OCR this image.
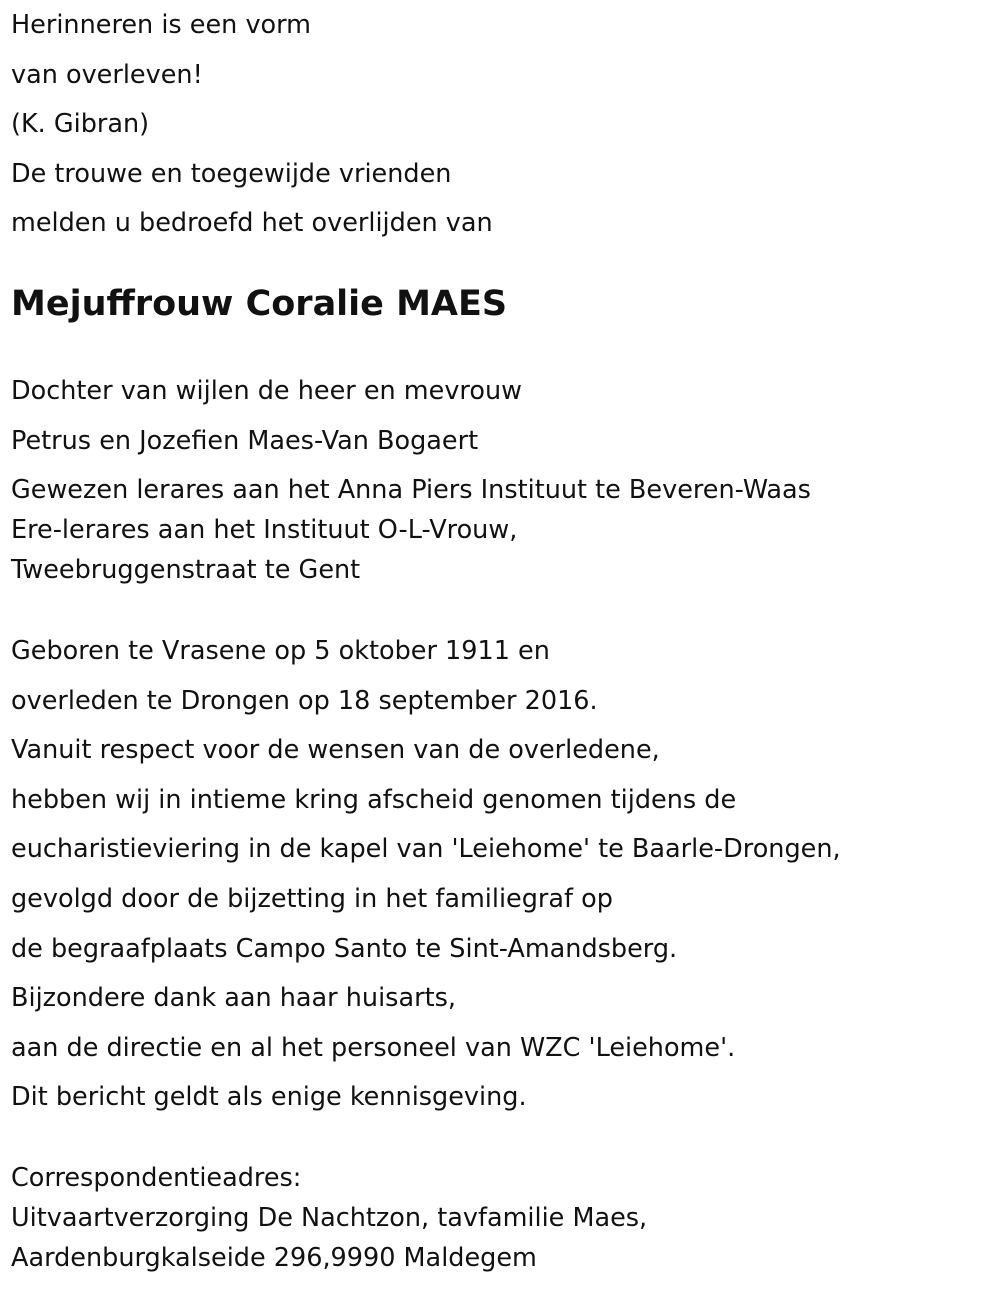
Herinneren is een vorm

van overleven!

(K. Gibran)

De trouwe en toegewijde vrienden

melden u bedroefd het overlijden van

Mejuffrouw Coralie MAES

Dochter van wijlen de heer en mevrouw

Petrus en Jozefien Maes-Van Bogaert

Gewezen lerares aan het Anna Piers Instituut te Beveren-Waas

Ere-lerares aan het Instituut O-L-Vrouw,

Tweebruggenstraat te Gent

Geboren te Vrasene op 5 oktober 1911 en

overleden te Drongen op 18 september 2016.

Vanuit respect voor de wensen van de overledene,

hebben wij in intieme kring afscheid genomen tijdens de

eucharistieviering in de kapel van 'Leiehome' te Baarle-Drongen,

gevolgd door de bijzetting in het familiegraf op

de begraafplaats Campo Santo te Sint-Amandsberg.

Bijzondere dank aan haar huisarts,

aan de directie en al het personeel van WZC 'Leiehome'.

Dit bericht geldt als enige kennisgeving.

Correspondentieadres:

Uitvaartverzorging De Nachtzon, tavfamilie Maes,

Aardenburgkalseide 296,9990 Maldegem
